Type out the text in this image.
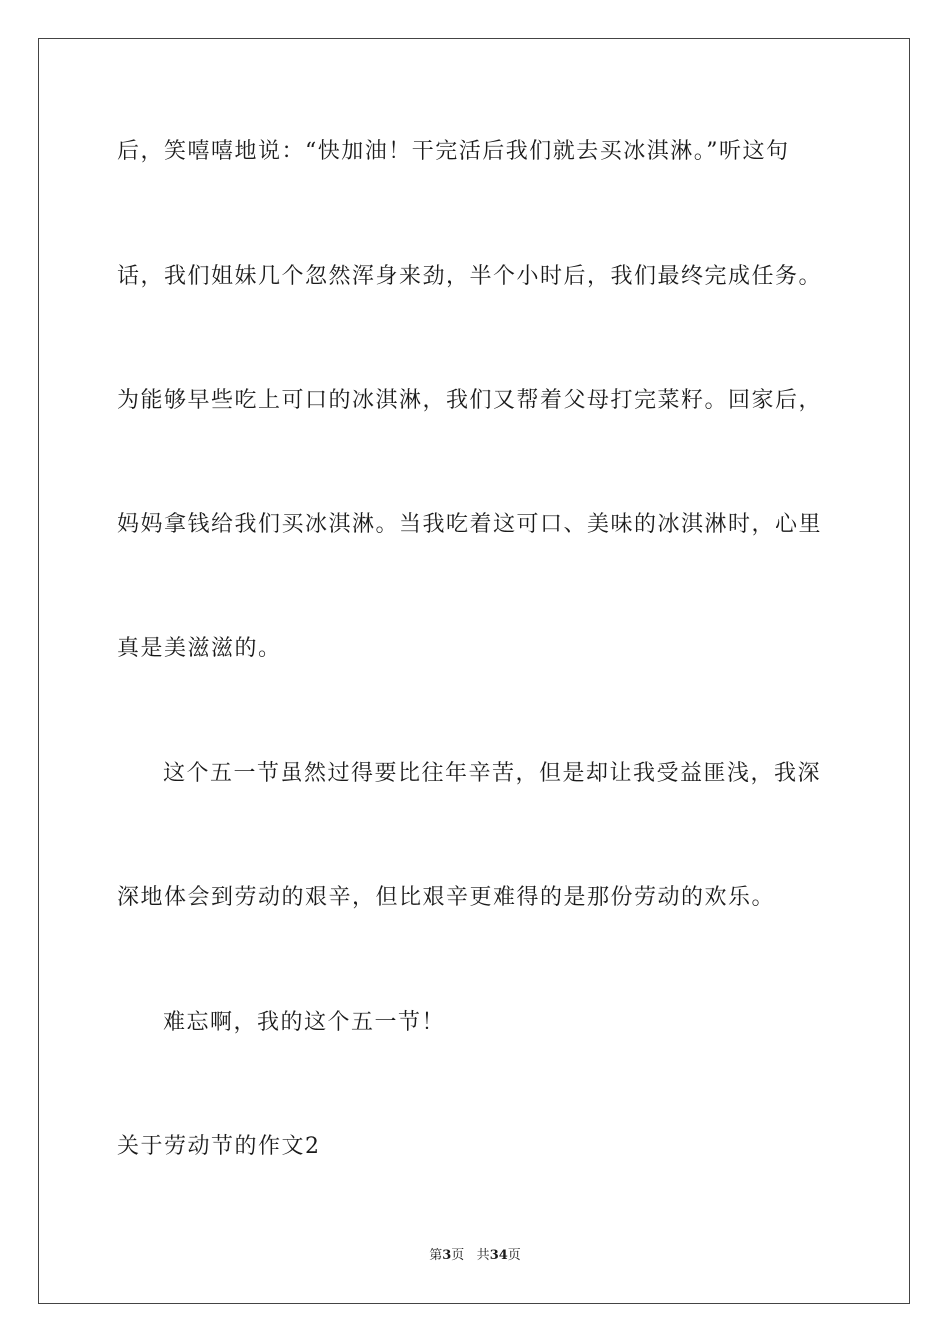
后，笑嘻嘻地说：“快加油！干完活后我们就去买冰淇淋。”听这句
话，我们姐妹几个忽然浑身来劲，半个小时后，我们最终完成任务。
为能够早些吃上可口的冰淇淋，我们又帮着父母打完菜籽。回家后，
妈妈拿钱给我们买冰淇淋。当我吃着这可口、美味的冰淇淋时，心里
真是美滋滋的。
这个五一节虽然过得要比往年辛苦，但是却让我受益匪浅，我深
深地体会到劳动的艰辛，但比艰辛更难得的是那份劳动的欢乐。
难忘啊，我的这个五一节！
关于劳动节的作文2
第3页 共34页
